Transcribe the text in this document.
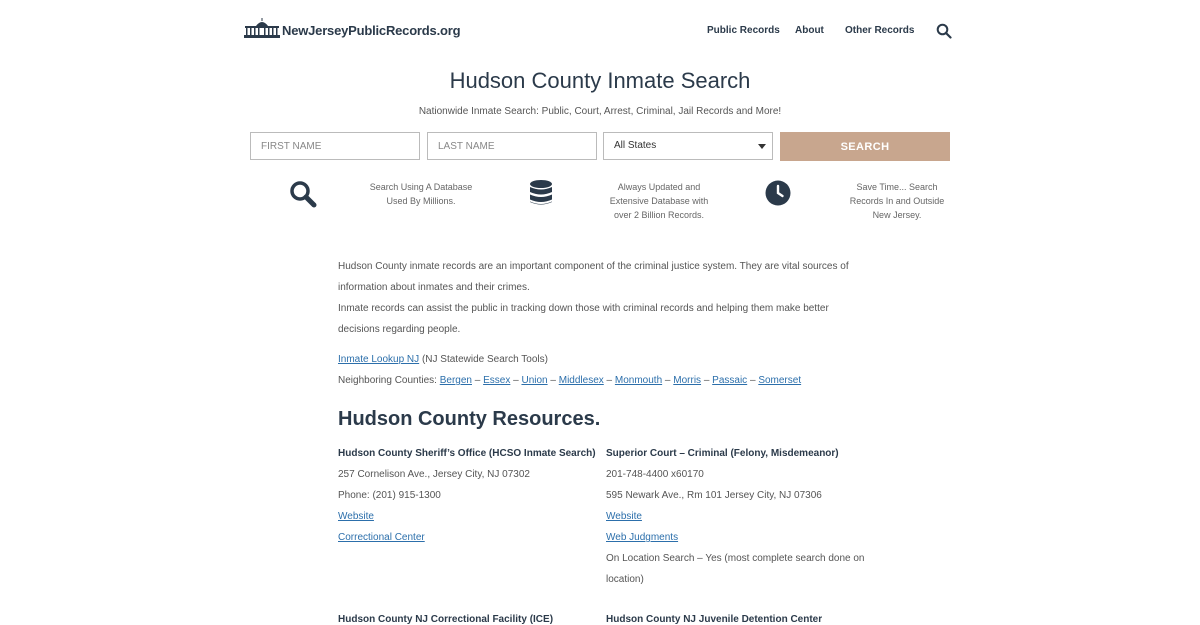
NewJerseyPublicRecords.org	Public Records About Other Records
Hudson County Inmate Search
Nationwide Inmate Search: Public, Court, Arrest, Criminal, Jail Records and More!
FIRST NAME
LAST NAME
All States	SEARCH
Search Using A Database Used By Millions.
Always Updated and Extensive Database with over 2 Billion Records.
Save Time... Search Records In and Outside New Jersey.

Hudson County inmate records are an important component of the criminal justice system. They are vital sources of information about inmates and their crimes.

Inmate records can assist the public in tracking down those with criminal records and helping them make better decisions regarding people.

Inmate Lookup NJ (NJ Statewide Search Tools)
Neighboring Counties: Bergen – Essex – Union – Middlesex – Monmouth – Morris – Passaic – Somerset
Hudson County Resources.
Hudson County Sheriff’s Office (HCSO Inmate Search)
257 Cornelison Ave., Jersey City, NJ 07302
Phone: (201) 915-1300
Website
Correctional Center
Superior Court – Criminal (Felony, Misdemeanor)
201-748-4400 x60170
595 Newark Ave., Rm 101 Jersey City, NJ 07306
Website
Web Judgments
On Location Search – Yes (most complete search done on location)
Hudson County NJ Correctional Facility (ICE)	Hudson County NJ Juvenile Detention Center
